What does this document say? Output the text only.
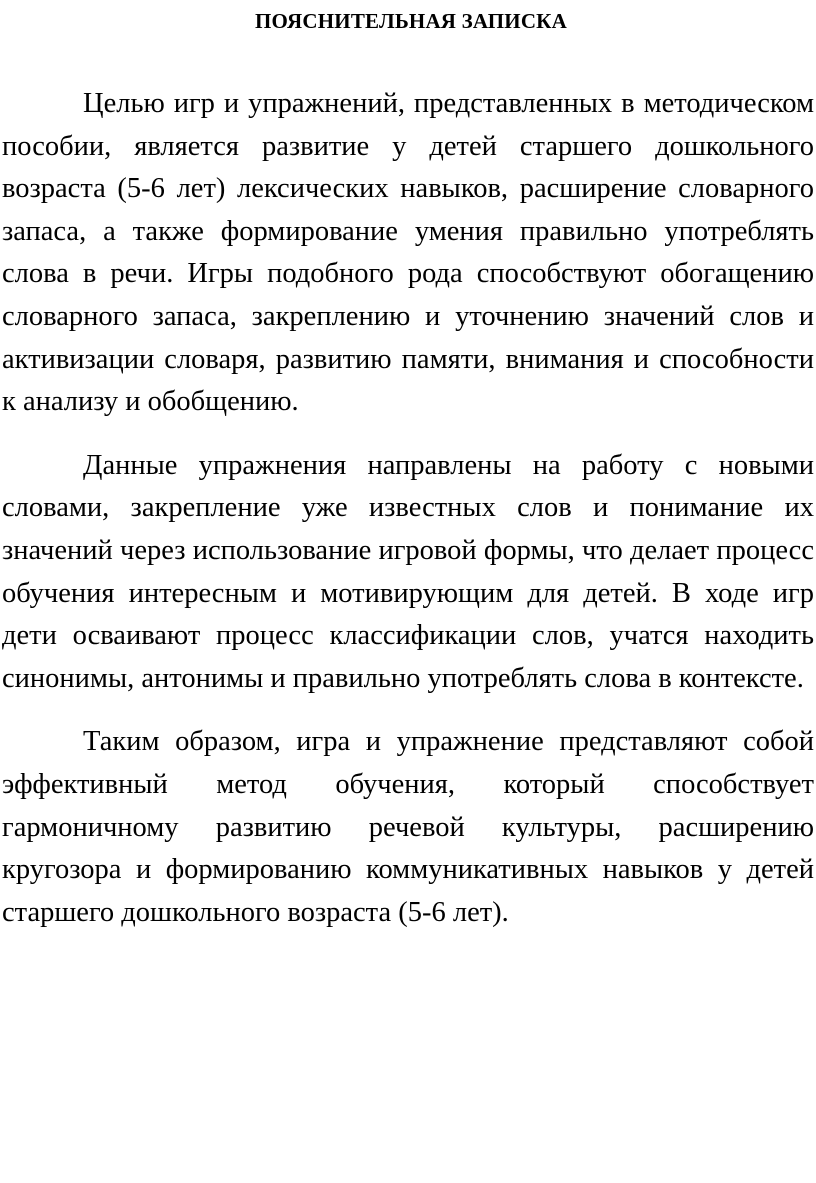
ПОЯСНИТЕЛЬНАЯ ЗАПИСКА

Целью игр и упражнений, представленных в методическом пособии, является развитие у детей старшего дошкольного возраста (5-6 лет) лексических навыков, расширение словарного запаса, а также формирование умения правильно употреблять слова в речи. Игры подобного рода способствуют обогащению словарного запаса, закреплению и уточнению значений слов и активизации словаря, развитию памяти, внимания и способности к анализу и обобщению.

Данные упражнения направлены на работу с новыми словами, закрепление уже известных слов и понимание их значений через использование игровой формы, что делает процесс обучения интересным и мотивирующим для детей. В ходе игр дети осваивают процесс классификации слов, учатся находить синонимы, антонимы и правильно употреблять слова в контексте.

Таким образом, игра и упражнение представляют собой эффективный метод обучения, который способствует гармоничному развитию речевой культуры, расширению кругозора и формированию коммуникативных навыков у детей старшего дошкольного возраста (5-6 лет).
